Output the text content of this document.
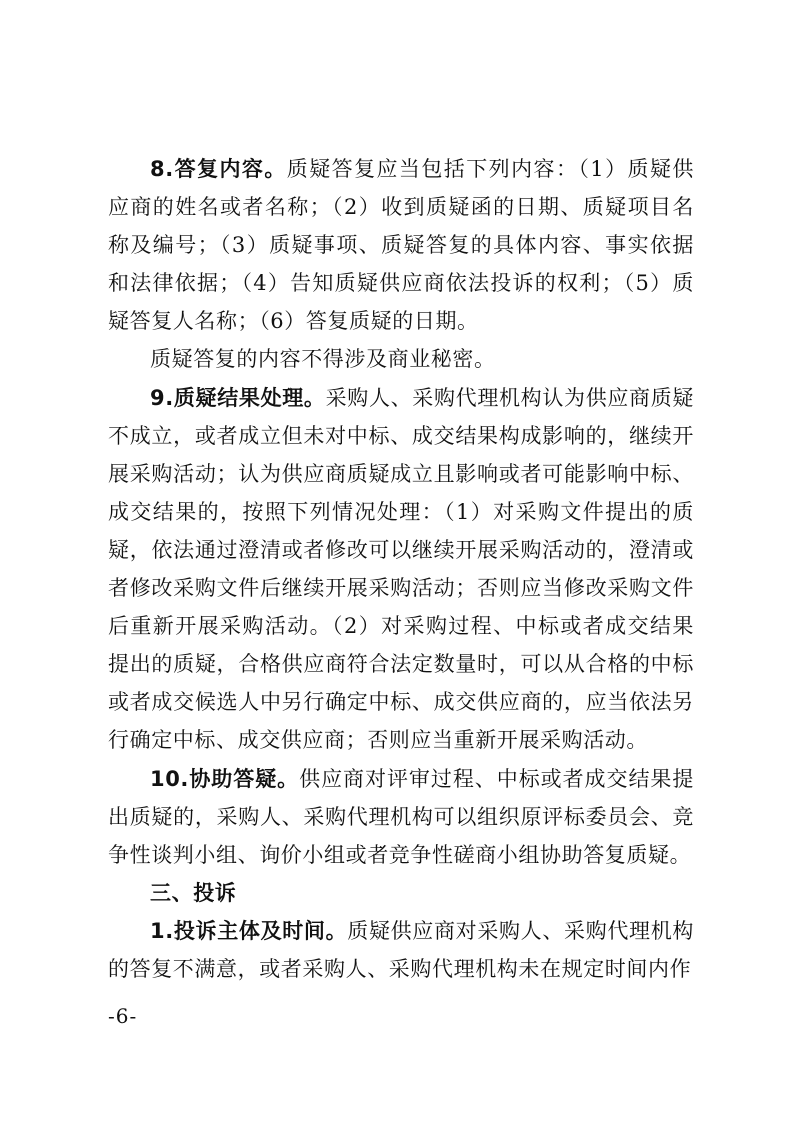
8.答复内容。质疑答复应当包括下列内容：（1）质疑供应商的姓名或者名称；（2）收到质疑函的日期、质疑项目名称及编号；（3）质疑事项、质疑答复的具体内容、事实依据和法律依据；（4）告知质疑供应商依法投诉的权利；（5）质疑答复人名称；（6）答复质疑的日期。

质疑答复的内容不得涉及商业秘密。

9.质疑结果处理。采购人、采购代理机构认为供应商质疑不成立，或者成立但未对中标、成交结果构成影响的，继续开展采购活动；认为供应商质疑成立且影响或者可能影响中标、成交结果的，按照下列情况处理：（1）对采购文件提出的质疑，依法通过澄清或者修改可以继续开展采购活动的，澄清或者修改采购文件后继续开展采购活动；否则应当修改采购文件后重新开展采购活动。（2）对采购过程、中标或者成交结果提出的质疑，合格供应商符合法定数量时，可以从合格的中标或者成交候选人中另行确定中标、成交供应商的，应当依法另行确定中标、成交供应商；否则应当重新开展采购活动。

10.协助答疑。供应商对评审过程、中标或者成交结果提出质疑的，采购人、采购代理机构可以组织原评标委员会、竞争性谈判小组、询价小组或者竞争性磋商小组协助答复质疑。

三、投诉

1.投诉主体及时间。质疑供应商对采购人、采购代理机构的答复不满意，或者采购人、采购代理机构未在规定时间内作

-6-
